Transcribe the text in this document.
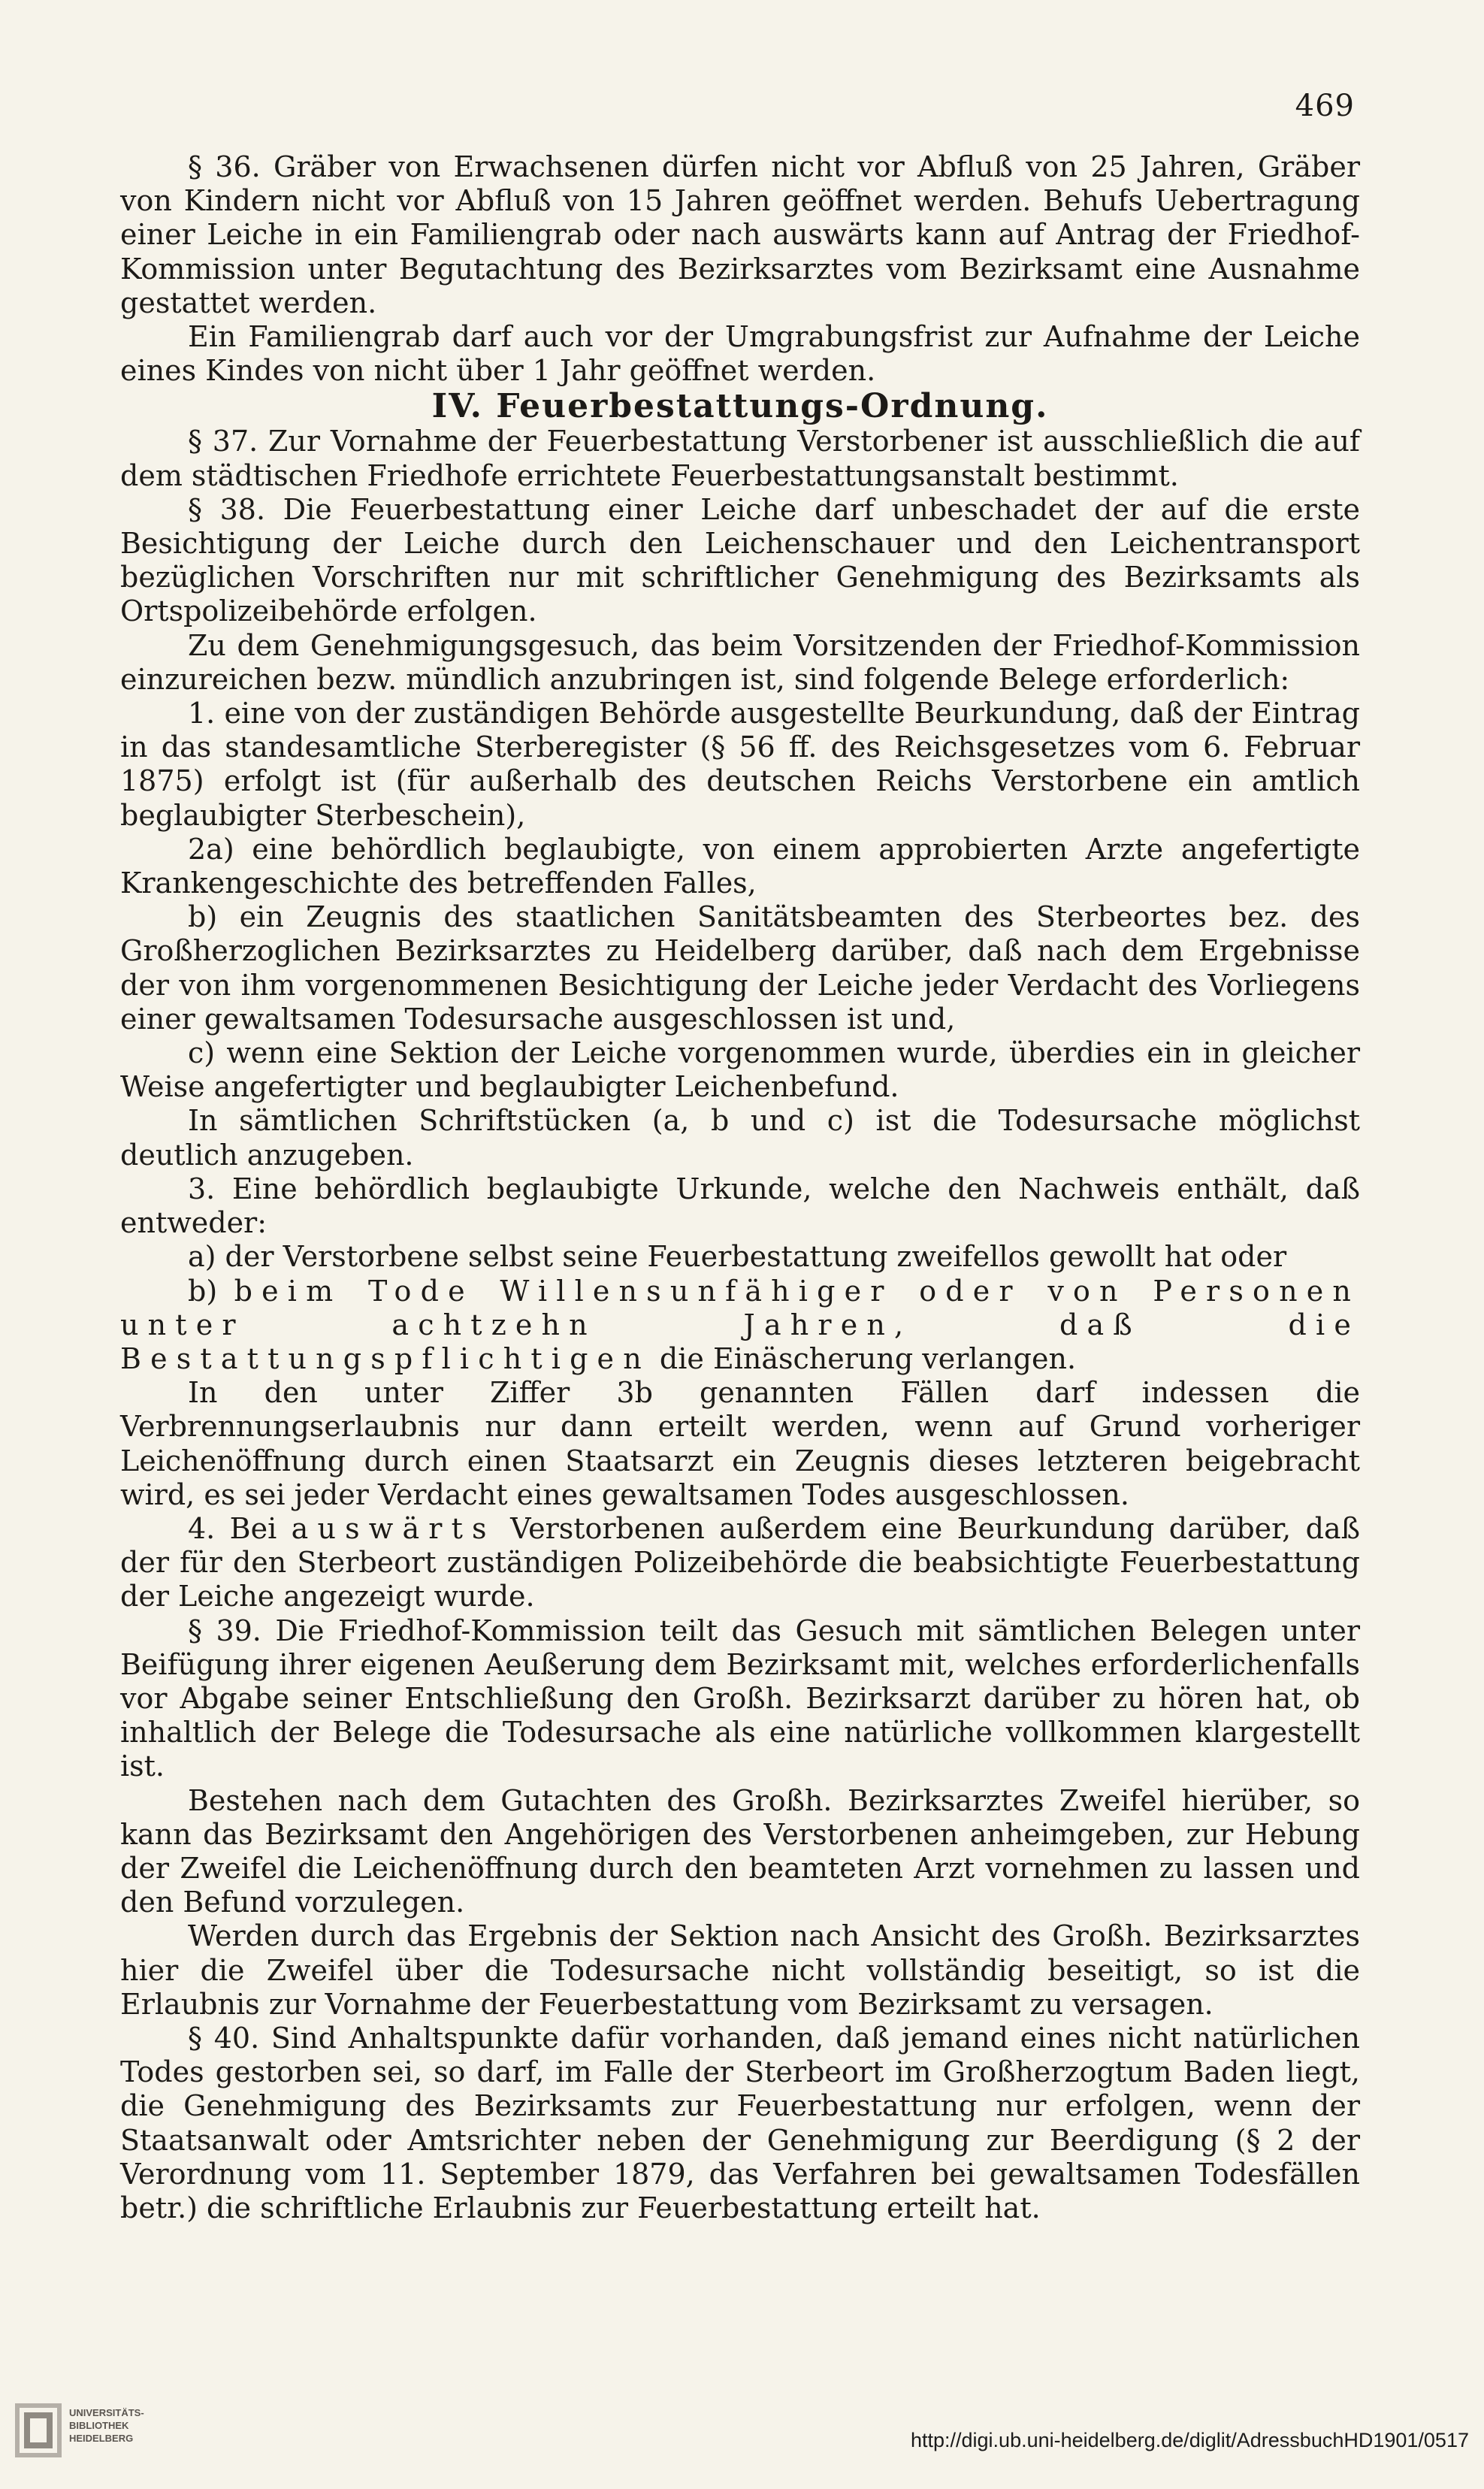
469

§ 36. Gräber von Erwachsenen dürfen nicht vor Abfluß von 25 Jahren, Gräber von Kindern nicht vor Abfluß von 15 Jahren geöffnet werden. Behufs Uebertragung einer Leiche in ein Familiengrab oder nach auswärts kann auf Antrag der Friedhof-Kommission unter Begutachtung des Bezirksarztes vom Bezirksamt eine Ausnahme gestattet werden.

Ein Familiengrab darf auch vor der Umgrabungsfrist zur Aufnahme der Leiche eines Kindes von nicht über 1 Jahr geöffnet werden.

IV. Feuerbestattungs-Ordnung.

§ 37. Zur Vornahme der Feuerbestattung Verstorbener ist ausschließlich die auf dem städtischen Friedhofe errichtete Feuerbestattungsanstalt bestimmt.

§ 38. Die Feuerbestattung einer Leiche darf unbeschadet der auf die erste Besichtigung der Leiche durch den Leichenschauer und den Leichentransport bezüglichen Vorschriften nur mit schriftlicher Genehmigung des Bezirksamts als Ortspolizeibehörde erfolgen.

Zu dem Genehmigungsgesuch, das beim Vorsitzenden der Friedhof-Kommission einzureichen bezw. mündlich anzubringen ist, sind folgende Belege erforderlich:

1. eine von der zuständigen Behörde ausgestellte Beurkundung, daß der Eintrag in das standesamtliche Sterberegister (§ 56 ff. des Reichsgesetzes vom 6. Februar 1875) erfolgt ist (für außerhalb des deutschen Reichs Verstorbene ein amtlich beglaubigter Sterbeschein),

2a) eine behördlich beglaubigte, von einem approbierten Arzte angefertigte Krankengeschichte des betreffenden Falles,

b) ein Zeugnis des staatlichen Sanitätsbeamten des Sterbeortes bez. des Großherzoglichen Bezirksarztes zu Heidelberg darüber, daß nach dem Ergebnisse der von ihm vorgenommenen Besichtigung der Leiche jeder Verdacht des Vorliegens einer gewaltsamen Todesursache ausgeschlossen ist und,

c) wenn eine Sektion der Leiche vorgenommen wurde, überdies ein in gleicher Weise angefertigter und beglaubigter Leichenbefund.

In sämtlichen Schriftstücken (a, b und c) ist die Todesursache möglichst deutlich anzugeben.

3. Eine behördlich beglaubigte Urkunde, welche den Nachweis enthält, daß entweder:

a) der Verstorbene selbst seine Feuerbestattung zweifellos gewollt hat oder

b) beim Tode Willensunfähiger oder von Personen unter achtzehn Jahren, daß die Bestattungspflichtigen die Einäscherung verlangen.

In den unter Ziffer 3b genannten Fällen darf indessen die Verbrennungserlaubnis nur dann erteilt werden, wenn auf Grund vorheriger Leichenöffnung durch einen Staatsarzt ein Zeugnis dieses letzteren beigebracht wird, es sei jeder Verdacht eines gewaltsamen Todes ausgeschlossen.

4. Bei auswärts Verstorbenen außerdem eine Beurkundung darüber, daß der für den Sterbeort zuständigen Polizeibehörde die beabsichtigte Feuerbestattung der Leiche angezeigt wurde.

§ 39. Die Friedhof-Kommission teilt das Gesuch mit sämtlichen Belegen unter Beifügung ihrer eigenen Aeußerung dem Bezirksamt mit, welches erforderlichenfalls vor Abgabe seiner Entschließung den Großh. Bezirksarzt darüber zu hören hat, ob inhaltlich der Belege die Todesursache als eine natürliche vollkommen klargestellt ist.

Bestehen nach dem Gutachten des Großh. Bezirksarztes Zweifel hierüber, so kann das Bezirksamt den Angehörigen des Verstorbenen anheimgeben, zur Hebung der Zweifel die Leichenöffnung durch den beamteten Arzt vornehmen zu lassen und den Befund vorzulegen.

Werden durch das Ergebnis der Sektion nach Ansicht des Großh. Bezirksarztes hier die Zweifel über die Todesursache nicht vollständig beseitigt, so ist die Erlaubnis zur Vornahme der Feuerbestattung vom Bezirksamt zu versagen.

§ 40. Sind Anhaltspunkte dafür vorhanden, daß jemand eines nicht natürlichen Todes gestorben sei, so darf, im Falle der Sterbeort im Großherzogtum Baden liegt, die Genehmigung des Bezirksamts zur Feuerbestattung nur erfolgen, wenn der Staatsanwalt oder Amtsrichter neben der Genehmigung zur Beerdigung (§ 2 der Verordnung vom 11. September 1879, das Verfahren bei gewaltsamen Todesfällen betr.) die schriftliche Erlaubnis zur Feuerbestattung erteilt hat.

UNIVERSITÄTS-
BIBLIOTHEK
HEIDELBERG	http://digi.ub.uni-heidelberg.de/diglit/AdressbuchHD1901/0517
